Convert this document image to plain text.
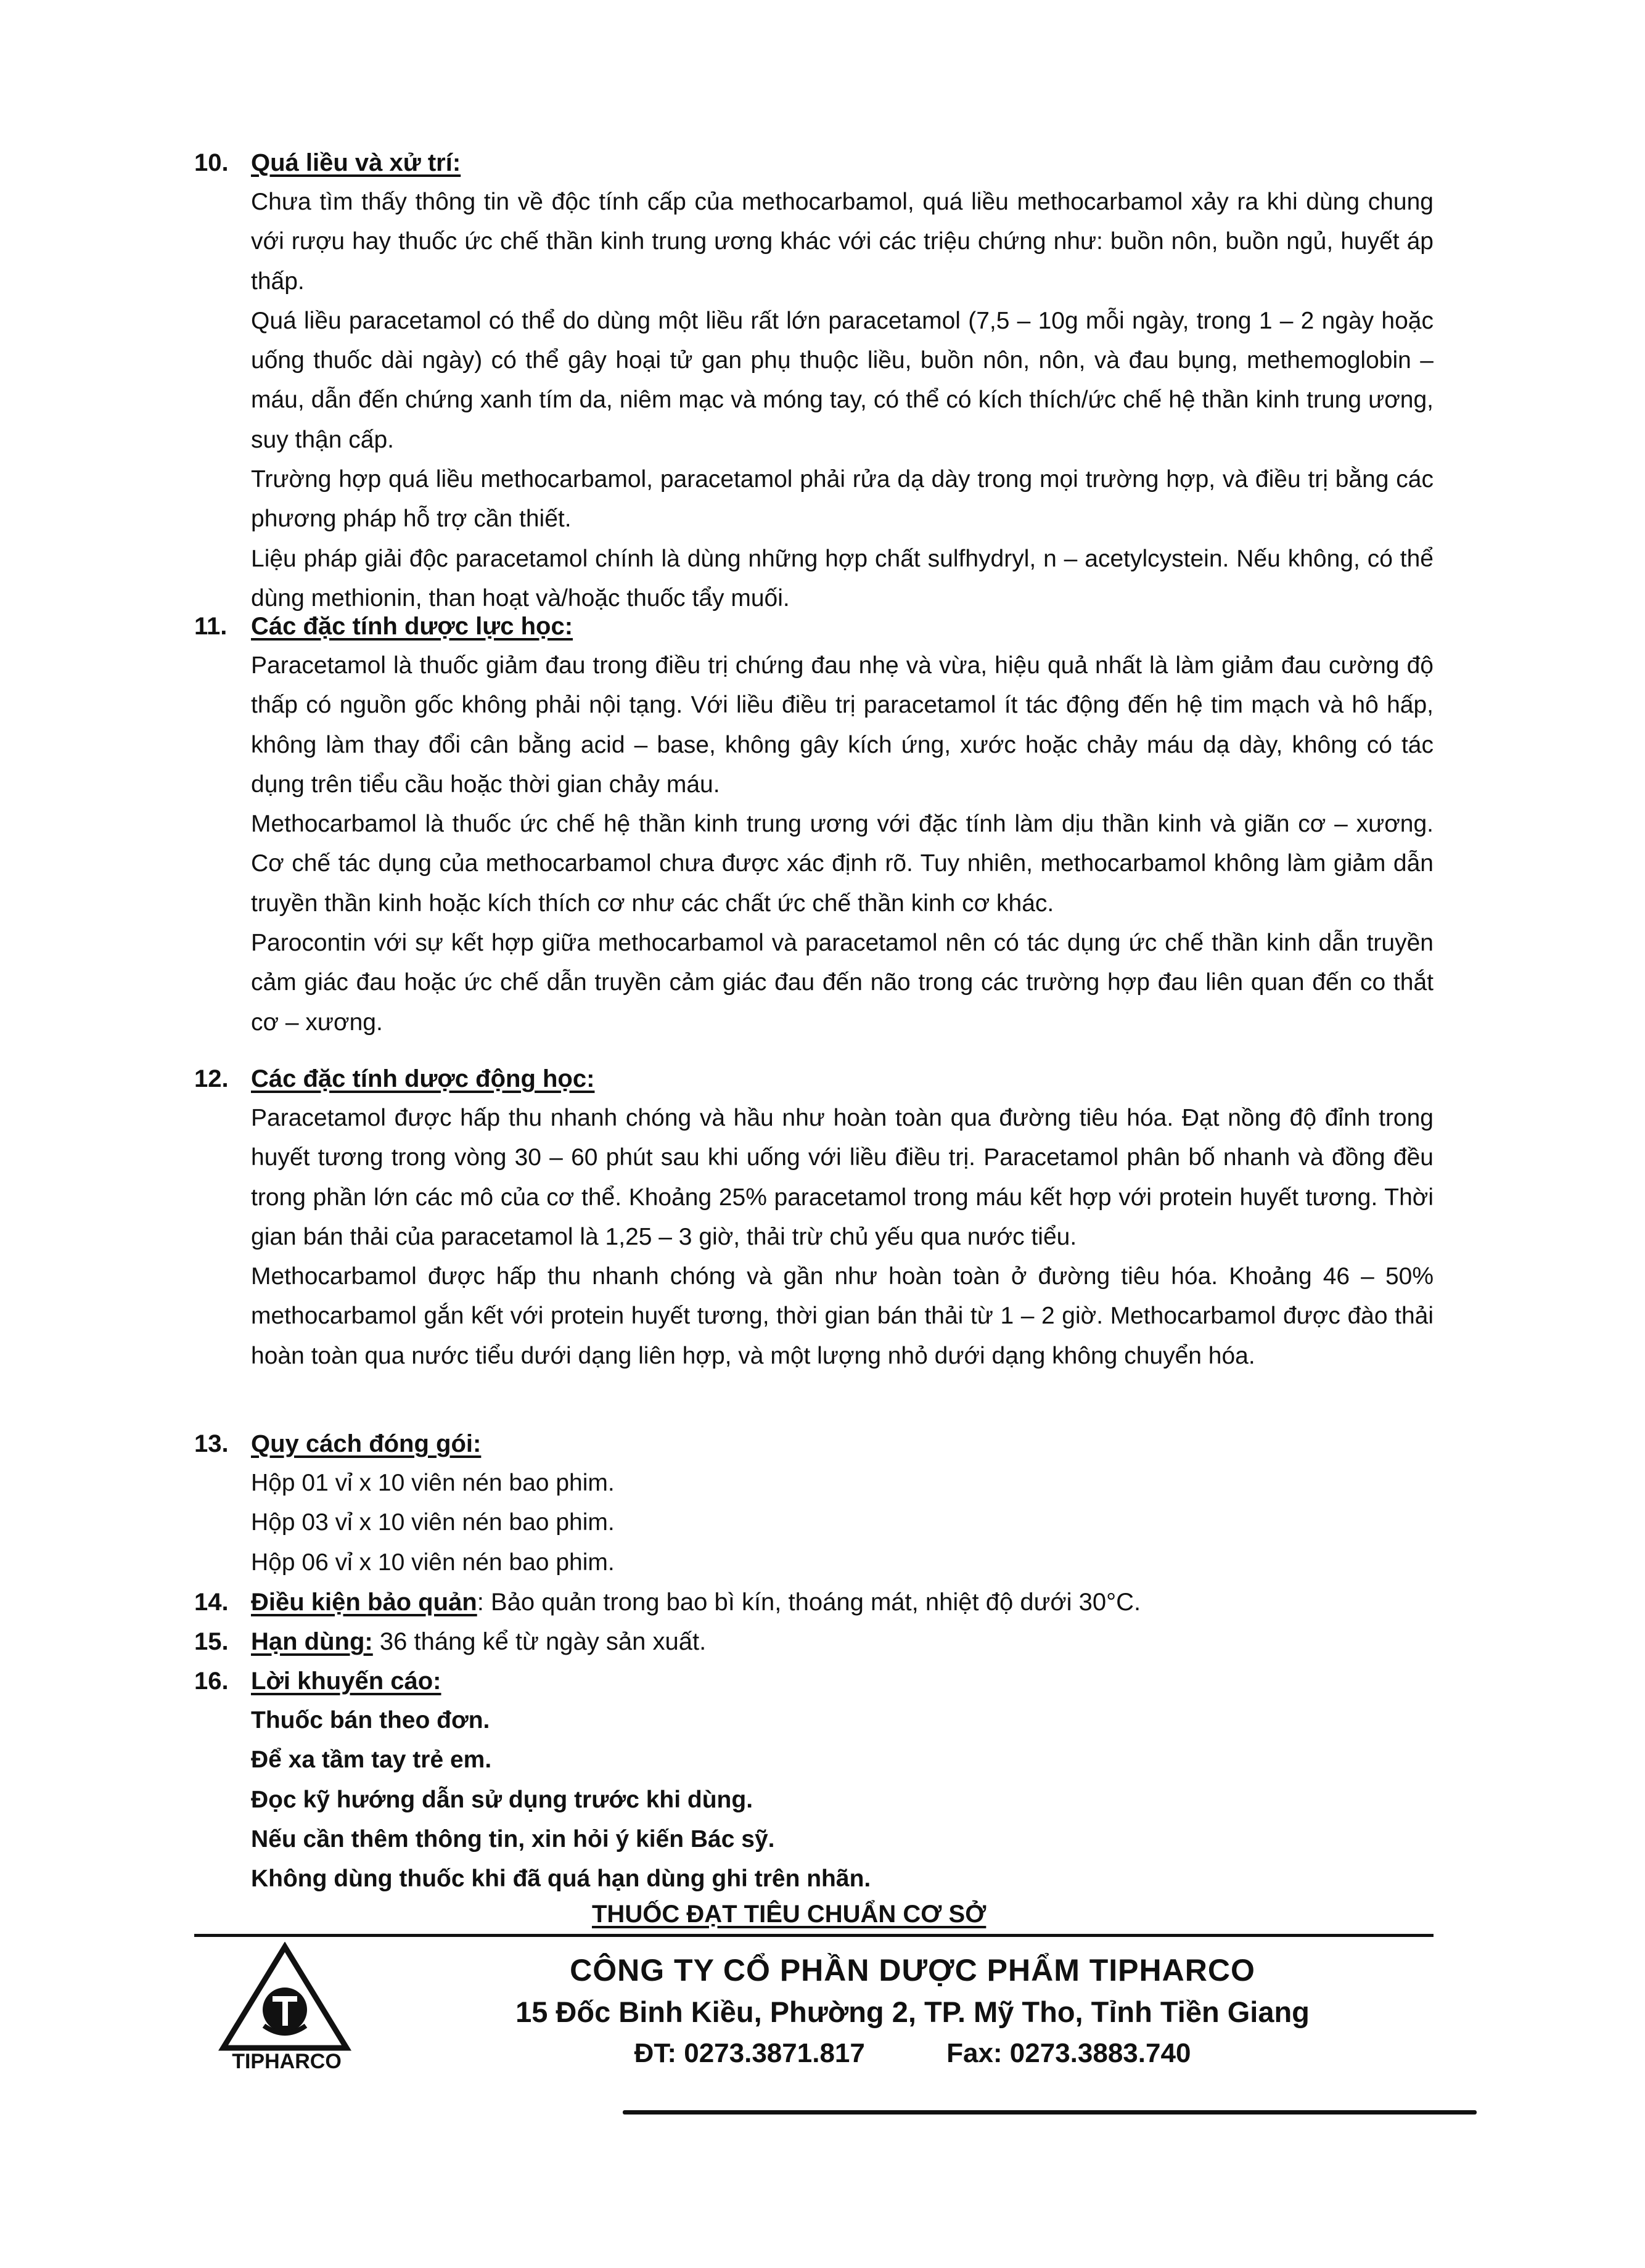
10. Quá liều và xử trí:

Chưa tìm thấy thông tin về độc tính cấp của methocarbamol, quá liều methocarbamol xảy ra khi dùng chung với rượu hay thuốc ức chế thần kinh trung ương khác với các triệu chứng như: buồn nôn, buồn ngủ, huyết áp thấp.

Quá liều paracetamol có thể do dùng một liều rất lớn paracetamol (7,5 – 10g mỗi ngày, trong 1 – 2 ngày hoặc uống thuốc dài ngày) có thể gây hoại tử gan phụ thuộc liều, buồn nôn, nôn, và đau bụng, methemoglobin – máu, dẫn đến chứng xanh tím da, niêm mạc và móng tay, có thể có kích thích/ức chế hệ thần kinh trung ương, suy thận cấp.

Trường hợp quá liều methocarbamol, paracetamol phải rửa dạ dày trong mọi trường hợp, và điều trị bằng các phương pháp hỗ trợ cần thiết.

Liệu pháp giải độc paracetamol chính là dùng những hợp chất sulfhydryl, n – acetylcystein. Nếu không, có thể dùng methionin, than hoạt và/hoặc thuốc tẩy muối.

11. Các đặc tính dược lực học:

Paracetamol là thuốc giảm đau trong điều trị chứng đau nhẹ và vừa, hiệu quả nhất là làm giảm đau cường độ thấp có nguồn gốc không phải nội tạng. Với liều điều trị paracetamol ít tác động đến hệ tim mạch và hô hấp, không làm thay đổi cân bằng acid – base, không gây kích ứng, xước hoặc chảy máu dạ dày, không có tác dụng trên tiểu cầu hoặc thời gian chảy máu.

Methocarbamol là thuốc ức chế hệ thần kinh trung ương với đặc tính làm dịu thần kinh và giãn cơ – xương. Cơ chế tác dụng của methocarbamol chưa được xác định rõ. Tuy nhiên, methocarbamol không làm giảm dẫn truyền thần kinh hoặc kích thích cơ như các chất ức chế thần kinh cơ khác.

Parocontin với sự kết hợp giữa methocarbamol và paracetamol nên có tác dụng ức chế thần kinh dẫn truyền cảm giác đau hoặc ức chế dẫn truyền cảm giác đau đến não trong các trường hợp đau liên quan đến co thắt cơ – xương.

12. Các đặc tính dược động học:

Paracetamol được hấp thu nhanh chóng và hầu như hoàn toàn qua đường tiêu hóa. Đạt nồng độ đỉnh trong huyết tương trong vòng 30 – 60 phút sau khi uống với liều điều trị. Paracetamol phân bố nhanh và đồng đều trong phần lớn các mô của cơ thể. Khoảng 25% paracetamol trong máu kết hợp với protein huyết tương. Thời gian bán thải của paracetamol là 1,25 – 3 giờ, thải trừ chủ yếu qua nước tiểu.

Methocarbamol được hấp thu nhanh chóng và gần như hoàn toàn ở đường tiêu hóa. Khoảng 46 – 50% methocarbamol gắn kết với protein huyết tương, thời gian bán thải từ 1 – 2 giờ. Methocarbamol được đào thải hoàn toàn qua nước tiểu dưới dạng liên hợp, và một lượng nhỏ dưới dạng không chuyển hóa.

13. Quy cách đóng gói:
Hộp 01 vỉ x 10 viên nén bao phim.
Hộp 03 vỉ x 10 viên nén bao phim.
Hộp 06 vỉ x 10 viên nén bao phim.
14. Điều kiện bảo quản: Bảo quản trong bao bì kín, thoáng mát, nhiệt độ dưới 30°C.
15. Hạn dùng: 36 tháng kể từ ngày sản xuất.
16. Lời khuyến cáo:
Thuốc bán theo đơn.
Để xa tầm tay trẻ em.
Đọc kỹ hướng dẫn sử dụng trước khi dùng.
Nếu cần thêm thông tin, xin hỏi ý kiến Bác sỹ.
Không dùng thuốc khi đã quá hạn dùng ghi trên nhãn.
THUỐC ĐẠT TIÊU CHUẨN CƠ SỞ
TIPHARCO
CÔNG TY CỔ PHẦN DƯỢC PHẨM TIPHARCO
15 Đốc Binh Kiều, Phường 2, TP. Mỹ Tho, Tỉnh Tiền Giang
ĐT: 0273.3871.817	Fax: 0273.3883.740
